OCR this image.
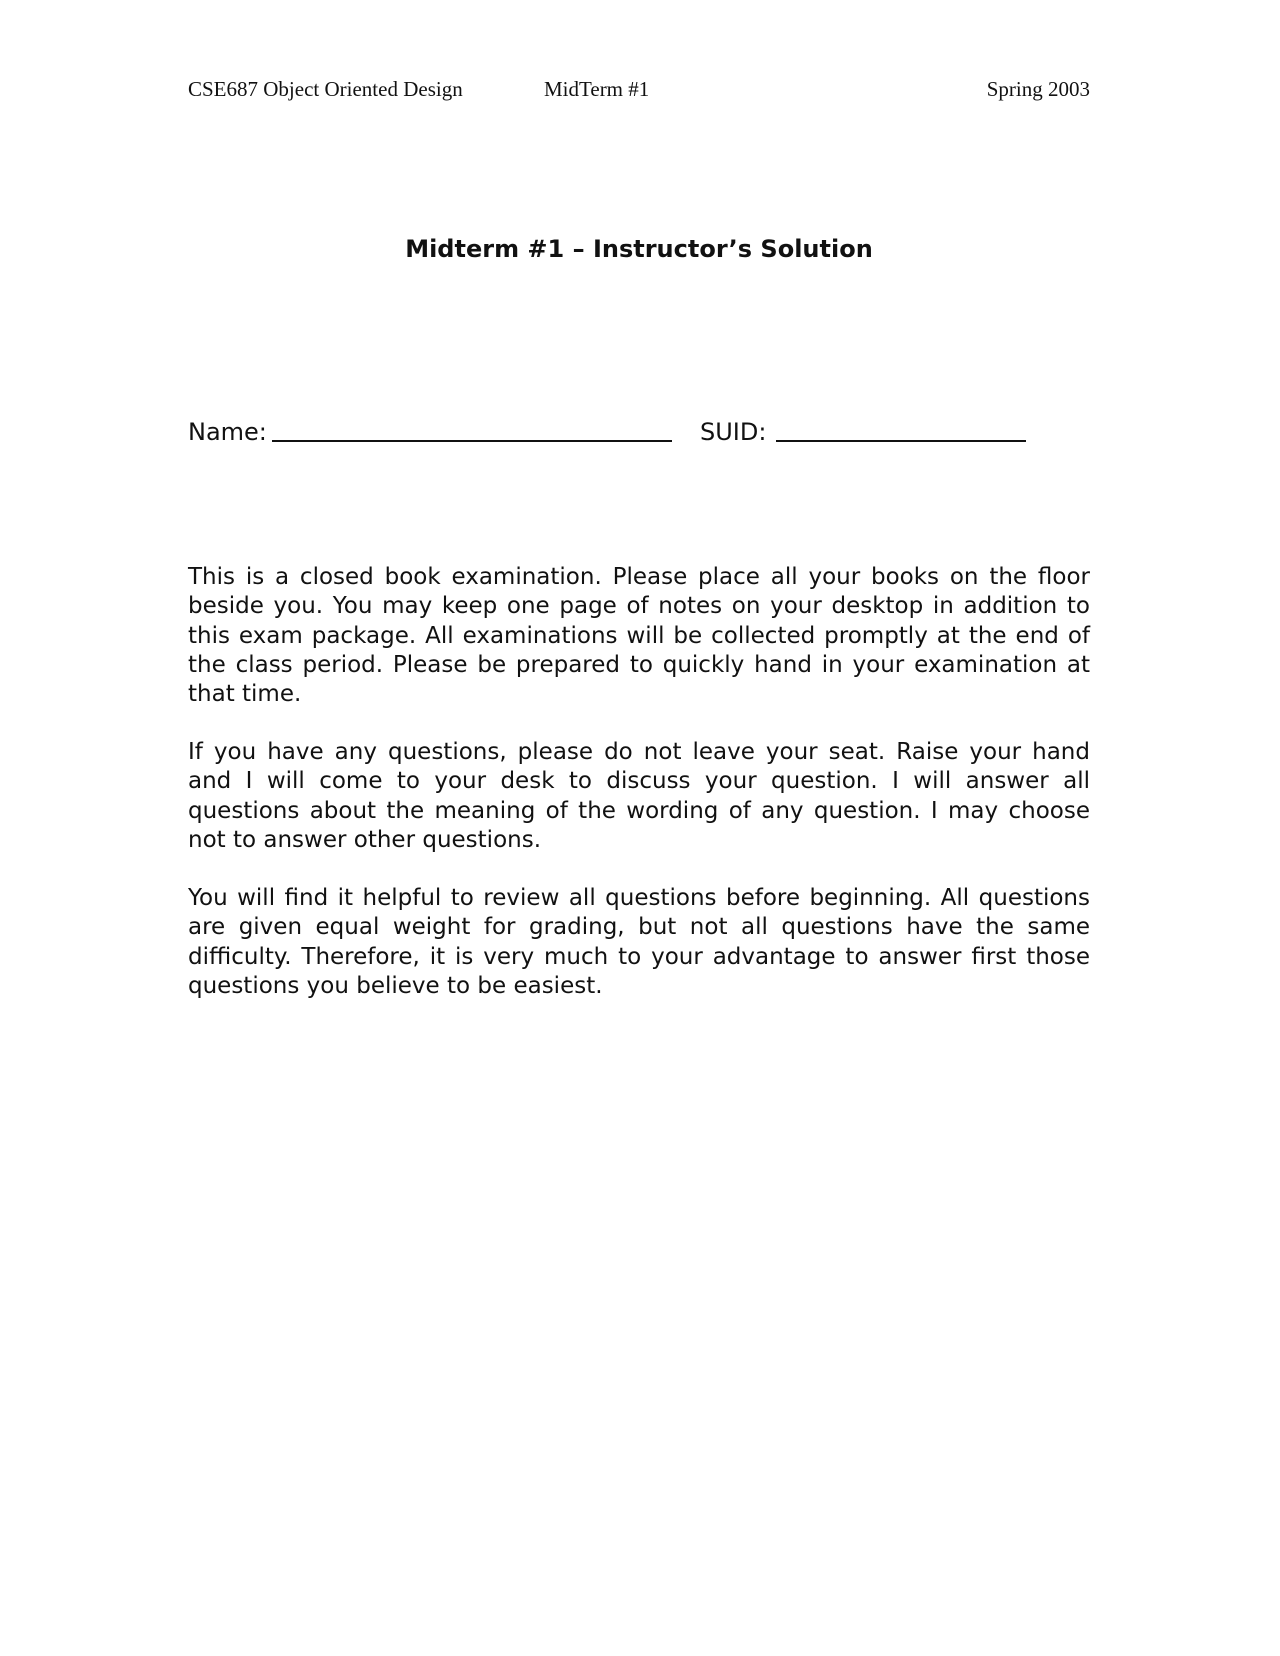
CSE687 Object Oriented Design	MidTerm #1	Spring 2003
Midterm #1 – Instructor’s Solution
Name:	SUID:

This is a closed book examination. Please place all your books on the floor beside you. You may keep one page of notes on your desktop in addition to this exam package. All examinations will be collected promptly at the end of the class period. Please be prepared to quickly hand in your examination at that time.

If you have any questions, please do not leave your seat. Raise your hand and I will come to your desk to discuss your question. I will answer all questions about the meaning of the wording of any question. I may choose not to answer other questions.

You will find it helpful to review all questions before beginning. All questions are given equal weight for grading, but not all questions have the same difficulty. Therefore, it is very much to your advantage to answer first those questions you believe to be easiest.
